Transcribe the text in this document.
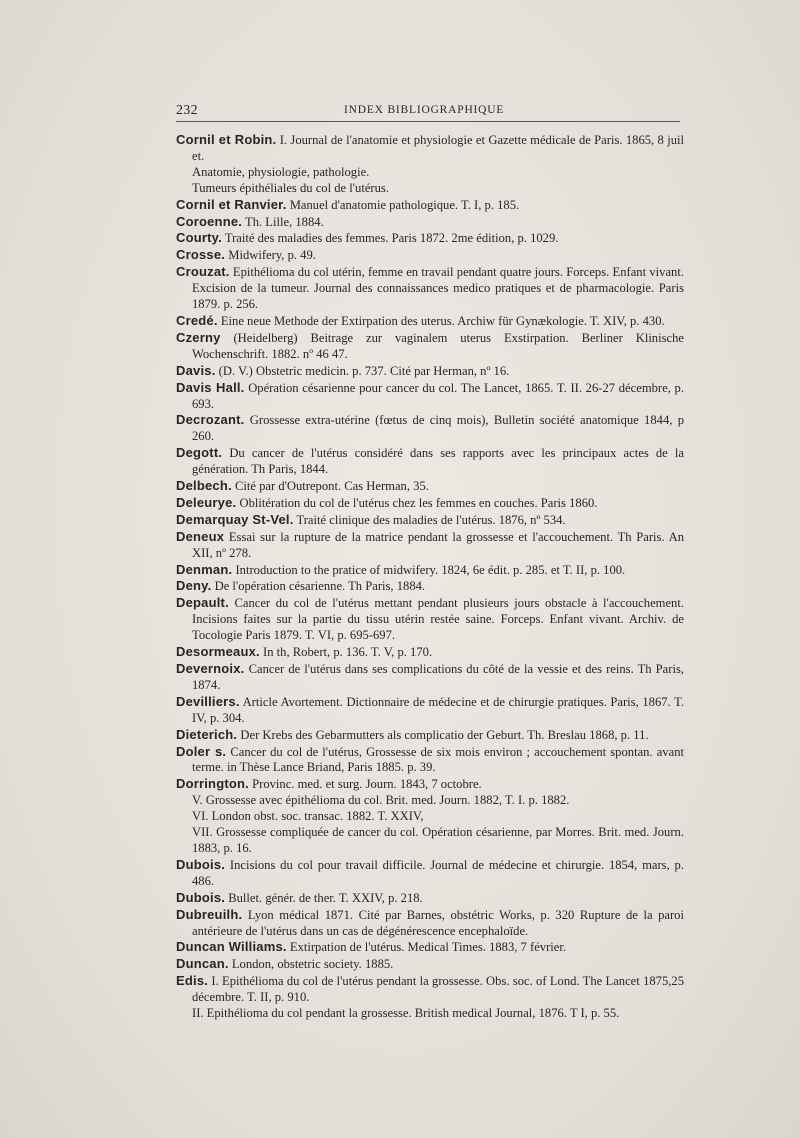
232	INDEX BIBLIOGRAPHIQUE
Cornil et Robin. I. Journal de l'anatomie et physiologie et Gazette médicale de Paris. 1865, 8 juil et.
Anatomie, physiologie, pathologie.
Tumeurs épithéliales du col de l'utérus.
Cornil et Ranvier. Manuel d'anatomie pathologique. T. I, p. 185.
Coroenne. Th. Lille, 1884.
Courty. Traité des maladies des femmes. Paris 1872. 2me édition, p. 1029.
Crosse. Midwifery, p. 49.
Crouzat. Epithélioma du col utérin, femme en travail pendant quatre jours. Forceps. Enfant vivant. Excision de la tumeur. Journal des connaissances medico pratiques et de pharmacologie. Paris 1879. p. 256.
Credé. Eine neue Methode der Extirpation des uterus. Archiw für Gynækologie. T. XIV, p. 430.
Czerny (Heidelberg) Beitrage zur vaginalem uterus Exstirpation. Berliner Klinische Wochenschrift. 1882. nº 46 47.
Davis. (D. V.) Obstetric medicin. p. 737. Cité par Herman, nº 16.
Davis Hall. Opération césarienne pour cancer du col. The Lancet, 1865. T. II. 26-27 décembre, p. 693.
Decrozant. Grossesse extra-utérine (fœtus de cinq mois), Bulletin société anatomique 1844, p 260.
Degott. Du cancer de l'utérus considéré dans ses rapports avec les principaux actes de la génération. Th Paris, 1844.
Delbech. Cité par d'Outrepont. Cas Herman, 35.
Deleurye. Oblitération du col de l'utérus chez les femmes en couches. Paris 1860.
Demarquay St-Vel. Traité clinique des maladies de l'utérus. 1876, nº 534.
Deneux Essai sur la rupture de la matrice pendant la grossesse et l'accouchement. Th Paris. An XII, nº 278.
Denman. Introduction to the pratice of midwifery. 1824, 6e édit. p. 285. et T. II, p. 100.
Deny. De l'opération césarienne. Th Paris, 1884.
Depault. Cancer du col de l'utérus mettant pendant plusieurs jours obstacle à l'accouchement. Incisions faites sur la partie du tissu utérin restée saine. Forceps. Enfant vivant. Archiv. de Tocologie Paris 1879. T. VI, p. 695-697.
Desormeaux. In th, Robert, p. 136. T. V, p. 170.
Devernoix. Cancer de l'utérus dans ses complications du côté de la vessie et des reins. Th Paris, 1874.
Devilliers. Article Avortement. Dictionnaire de médecine et de chirurgie pratiques. Paris, 1867. T. IV, p. 304.
Dieterich. Der Krebs des Gebarmutters als complicatio der Geburt. Th. Breslau 1868, p. 11.
Doler s. Cancer du col de l'utérus, Grossesse de six mois environ ; accouchement spontan. avant terme. in Thèse Lance Briand, Paris 1885. p. 39.
Dorrington. Provinc. med. et surg. Journ. 1843, 7 octobre.
V. Grossesse avec épithélioma du col. Brit. med. Journ. 1882, T. I. p. 1882.
VI. London obst. soc. transac. 1882. T. XXIV,
VII. Grossesse compliquée de cancer du col. Opération césarienne, par Morres. Brit. med. Journ. 1883, p. 16.
Dubois. Incisions du col pour travail difficile. Journal de médecine et chirurgie. 1854, mars, p. 486.
Dubois. Bullet. génér. de ther. T. XXIV, p. 218.
Dubreuilh. Lyon médical 1871. Cité par Barnes, obstétric Works, p. 320 Rupture de la paroi antérieure de l'utérus dans un cas de dégénérescence encephaloïde.
Duncan Williams. Extirpation de l'utérus. Medical Times. 1883, 7 février.
Duncan. London, obstetric society. 1885.
Edis. I. Epithélioma du col de l'utérus pendant la grossesse. Obs. soc. of Lond. The Lancet 1875,25 décembre. T. II, p. 910.
II. Epithélioma du col pendant la grossesse. British medical Journal, 1876. T I, p. 55.
